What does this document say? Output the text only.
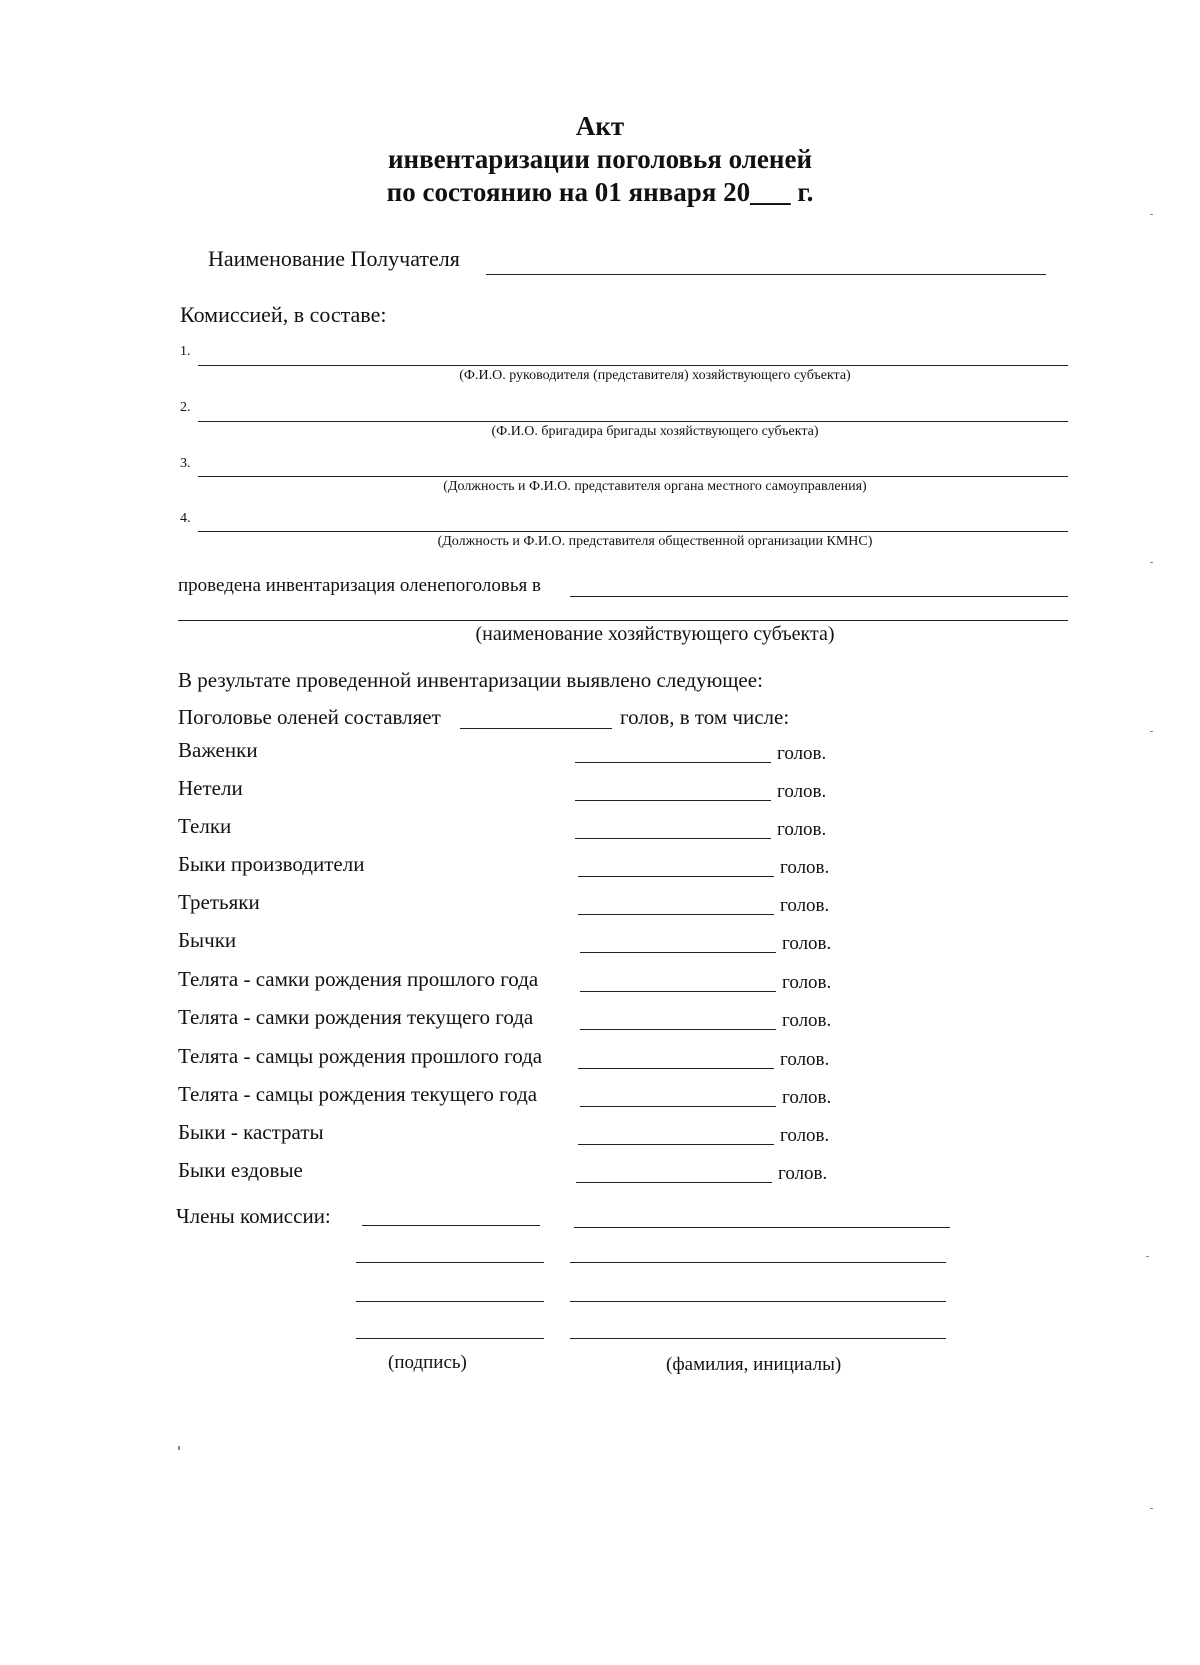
Акт
инвентаризации поголовья оленей
по состоянию на 01 января 20___ г.
Наименование Получателя
Комиссией, в составе:
1.
(Ф.И.О. руководителя (представителя) хозяйствующего субъекта)
2.
(Ф.И.О. бригадира бригады хозяйствующего субъекта)
3.
(Должность и Ф.И.О. представителя органа местного самоуправления)
4.
(Должность и Ф.И.О. представителя общественной организации КМНС)
проведена инвентаризация оленепоголовья в
(наименование хозяйствующего субъекта)
В результате проведенной инвентаризации выявлено следующее:
Поголовье оленей составляет	голов, в том числе:
Важенки	голов.
Нетели	голов.
Телки	голов.
Быки производители	голов.
Третьяки	голов.
Бычки	голов.
Телята - самки рождения прошлого года	голов.
Телята - самки рождения текущего года	голов.
Телята - самцы рождения прошлого года	голов.
Телята - самцы рождения текущего года	голов.
Быки - кастраты	голов.
Быки ездовые	голов.
Члены комиссии:
(подпись)	(фамилия, инициалы)
